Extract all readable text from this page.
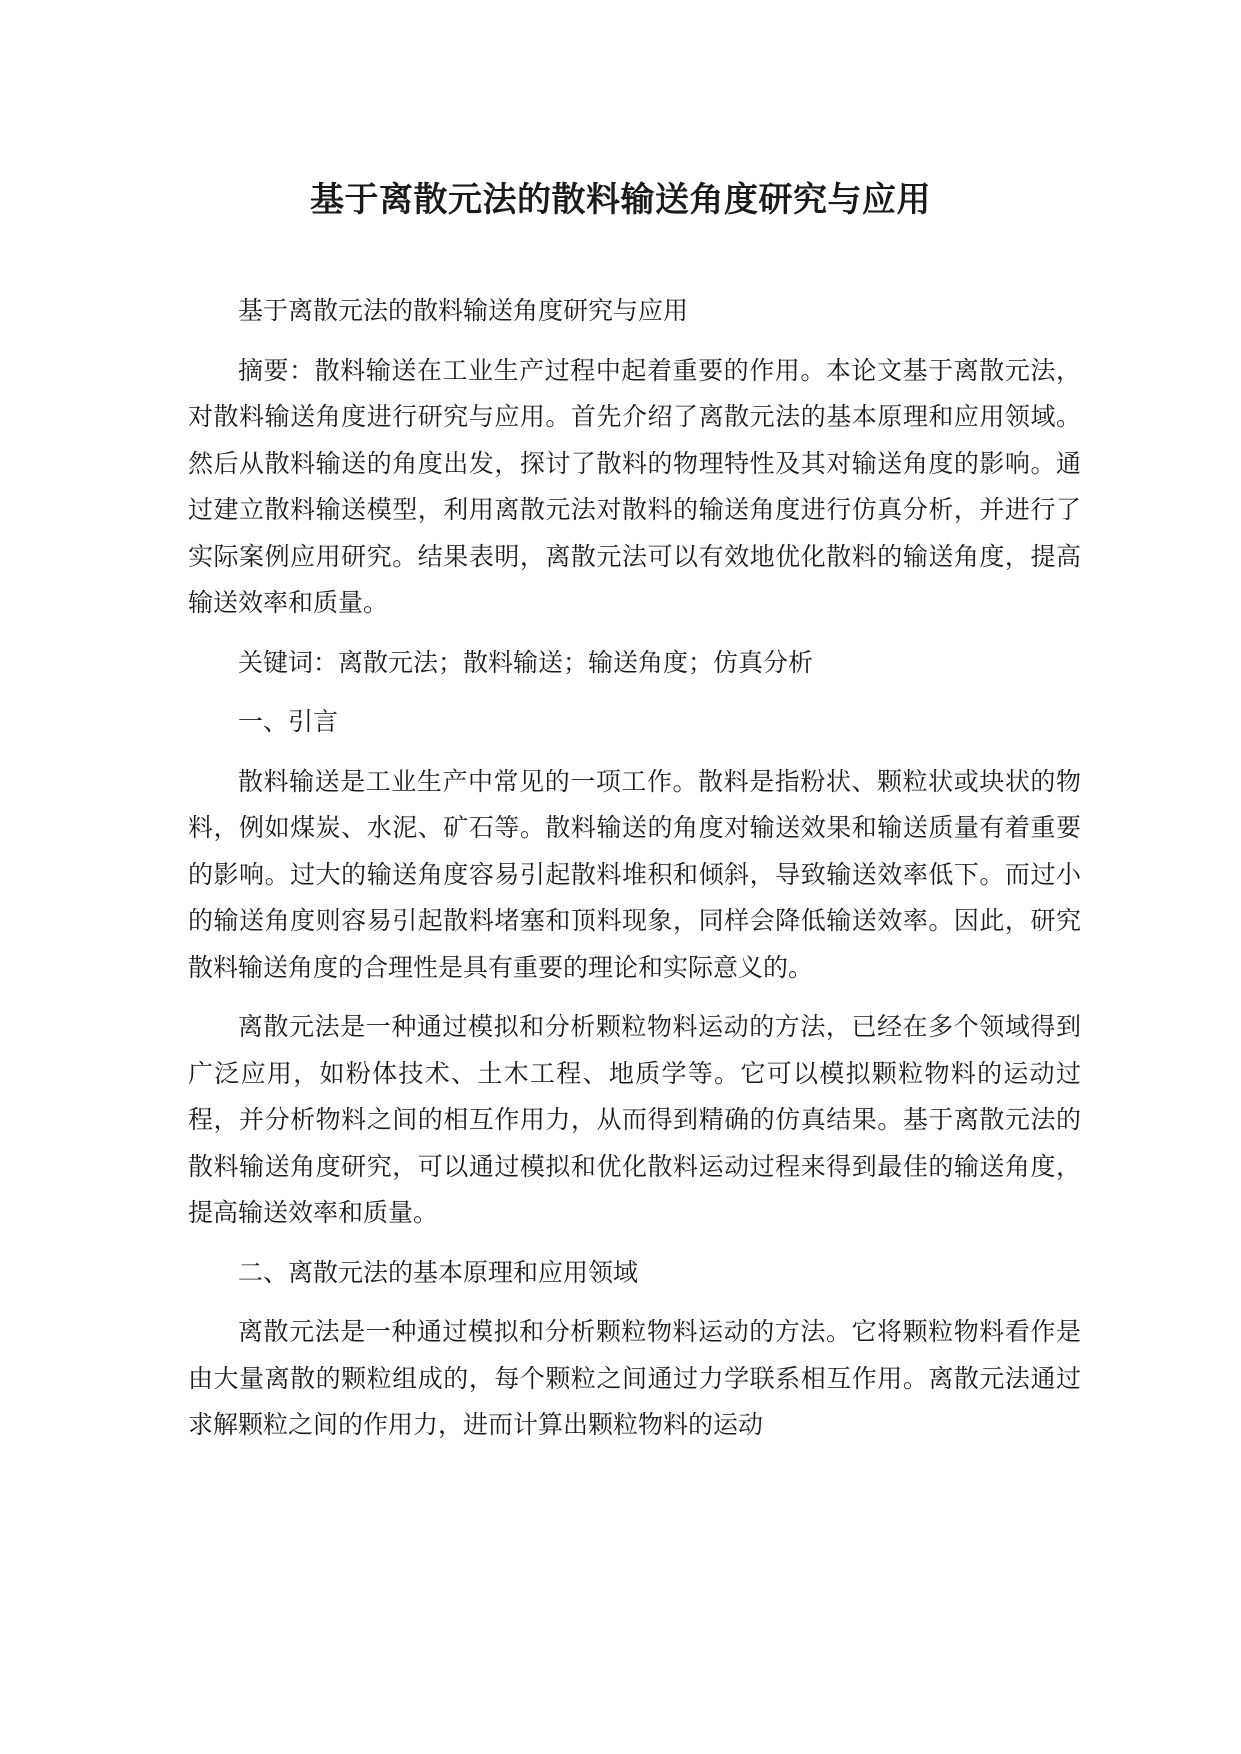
基于离散元法的散料输送角度研究与应用

基于离散元法的散料输送角度研究与应用

摘要：散料输送在工业生产过程中起着重要的作用。本论文基于离散元法，对散料输送角度进行研究与应用。首先介绍了离散元法的基本原理和应用领域。然后从散料输送的角度出发，探讨了散料的物理特性及其对输送角度的影响。通过建立散料输送模型，利用离散元法对散料的输送角度进行仿真分析，并进行了实际案例应用研究。结果表明，离散元法可以有效地优化散料的输送角度，提高输送效率和质量。

关键词：离散元法；散料输送；输送角度；仿真分析

一、引言

散料输送是工业生产中常见的一项工作。散料是指粉状、颗粒状或块状的物料，例如煤炭、水泥、矿石等。散料输送的角度对输送效果和输送质量有着重要的影响。过大的输送角度容易引起散料堆积和倾斜，导致输送效率低下。而过小的输送角度则容易引起散料堵塞和顶料现象，同样会降低输送效率。因此，研究散料输送角度的合理性是具有重要的理论和实际意义的。

离散元法是一种通过模拟和分析颗粒物料运动的方法，已经在多个领域得到广泛应用，如粉体技术、土木工程、地质学等。它可以模拟颗粒物料的运动过程，并分析物料之间的相互作用力，从而得到精确的仿真结果。基于离散元法的散料输送角度研究，可以通过模拟和优化散料运动过程来得到最佳的输送角度，提高输送效率和质量。

二、离散元法的基本原理和应用领域

离散元法是一种通过模拟和分析颗粒物料运动的方法。它将颗粒物料看作是由大量离散的颗粒组成的，每个颗粒之间通过力学联系相互作用。离散元法通过求解颗粒之间的作用力，进而计算出颗粒物料的运动
